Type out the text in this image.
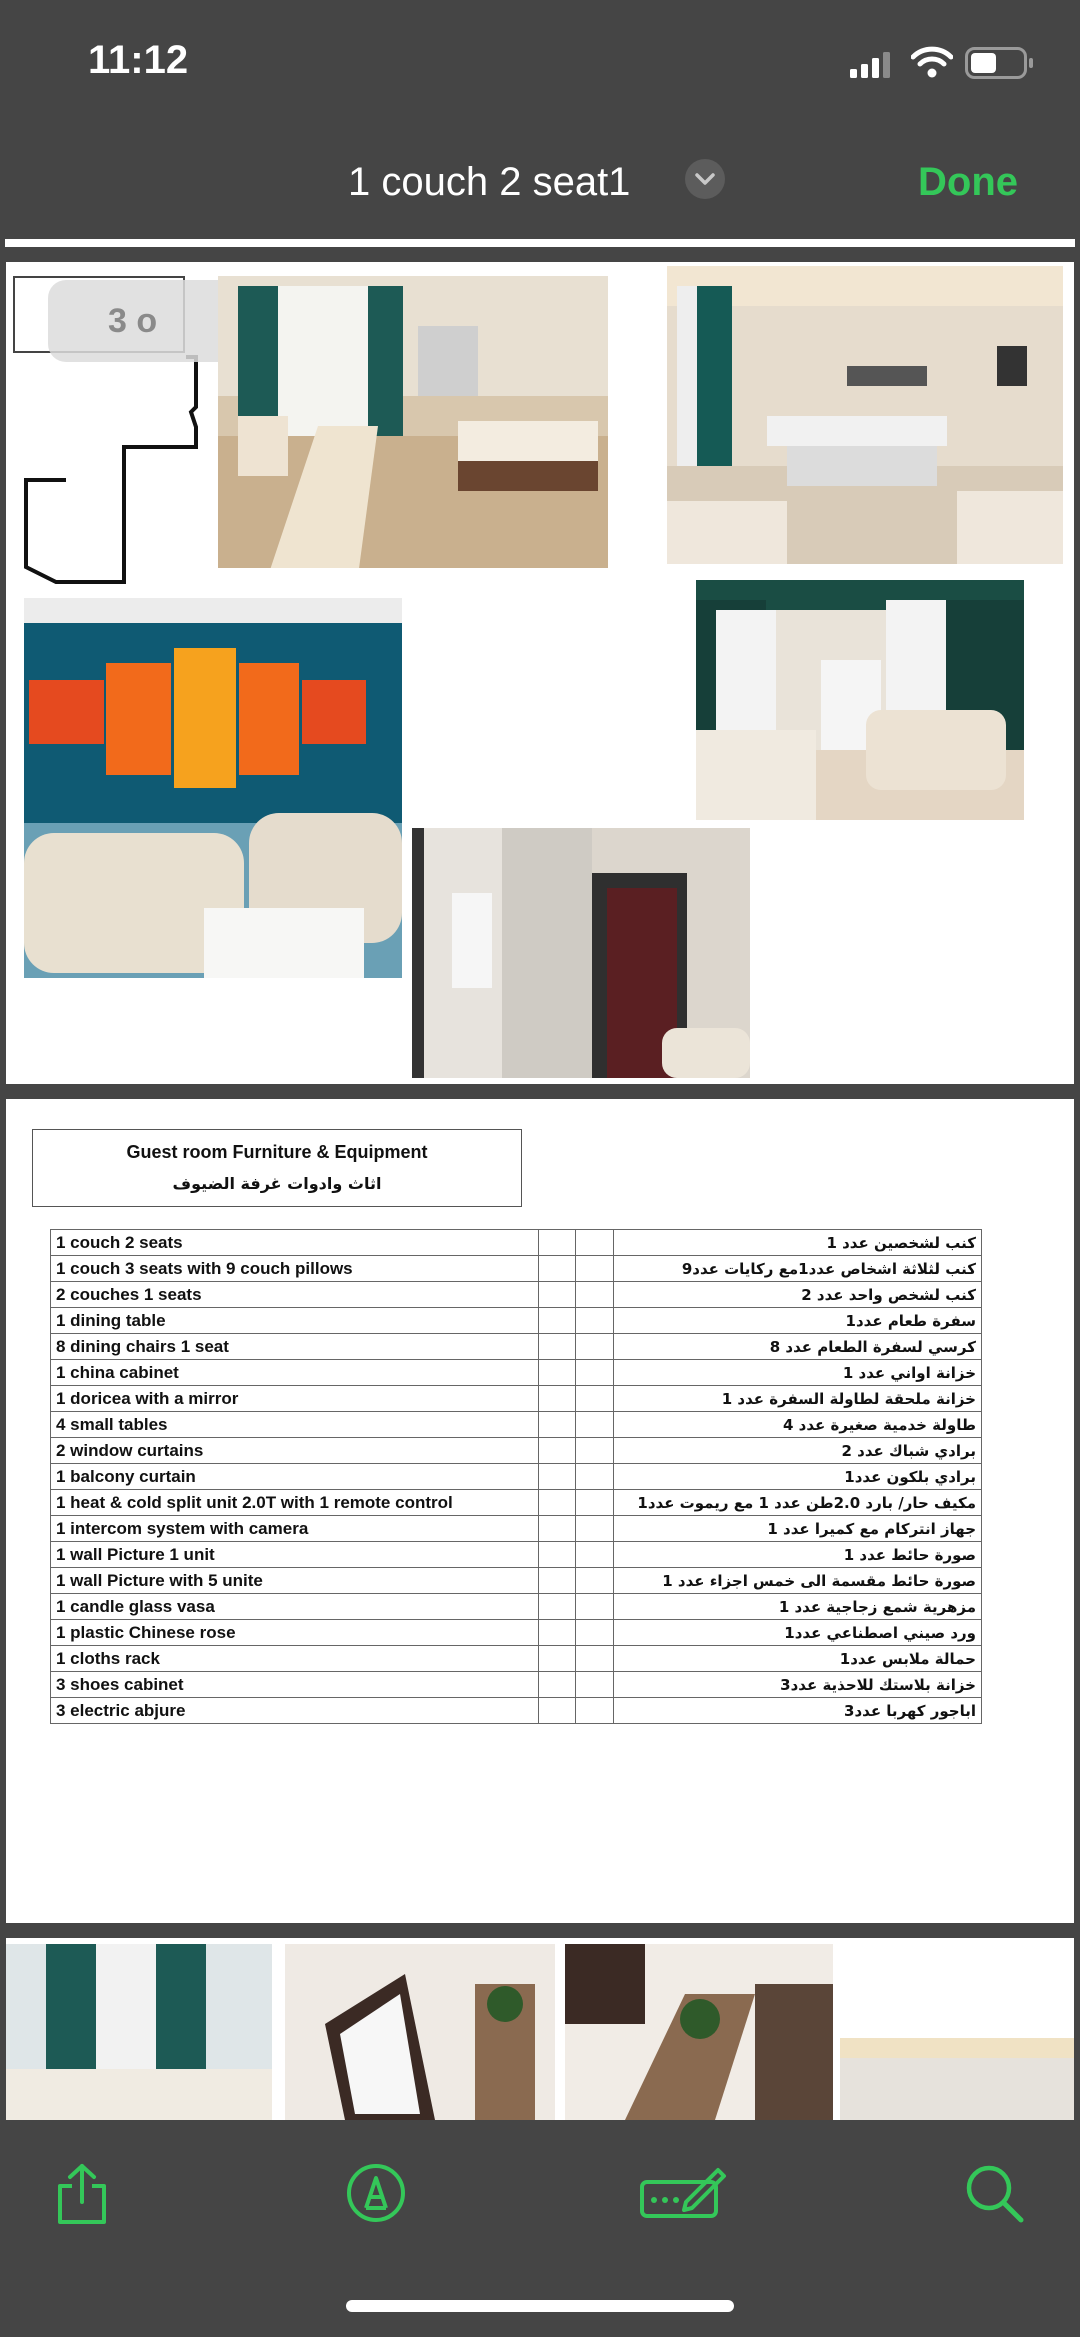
11:12
1 couch 2 seat1	Done
3 o
Guest room Furniture & Equipment
اثاث وادوات غرفة الضيوف
1 couch 2 seats			كنب لشخصين عدد 1
1 couch 3 seats with 9 couch pillows			كنب لثلاثة اشخاص عدد1مع ركايات عدد9
2 couches 1 seats			كنب لشخص واحد عدد 2
1 dining table			سفرة طعام عدد1
8 dining chairs 1 seat			كرسي لسفرة الطعام عدد 8
1 china cabinet			خزانة اواني عدد 1
1 doricea with a mirror			خزانة ملحقة لطاولة السفرة عدد 1
4 small tables			طاولة خدمية صغيرة عدد 4
2 window curtains			برادي شباك عدد 2
1 balcony curtain			برادي بلكون عدد1
1 heat & cold split unit 2.0T with 1 remote control			مكيف حار/ بارد 2.0طن عدد 1 مع ريموت عدد1
1 intercom system with camera			جهاز انتركام مع كميرا عدد 1
1 wall Picture 1 unit			صورة حائط عدد 1
1 wall Picture with 5 unite			صورة حائط مقسمة الى خمس اجزاء عدد 1
1 candle glass vasa			مزهرية شمع زجاجية عدد 1
1 plastic Chinese rose			ورد صيني اصطناعي عدد1
1 cloths rack			حمالة ملابس عدد1
3 shoes cabinet			خزانة بلاستك للاحذية عدد3
3 electric abjure			اباجور كهربا عدد3
